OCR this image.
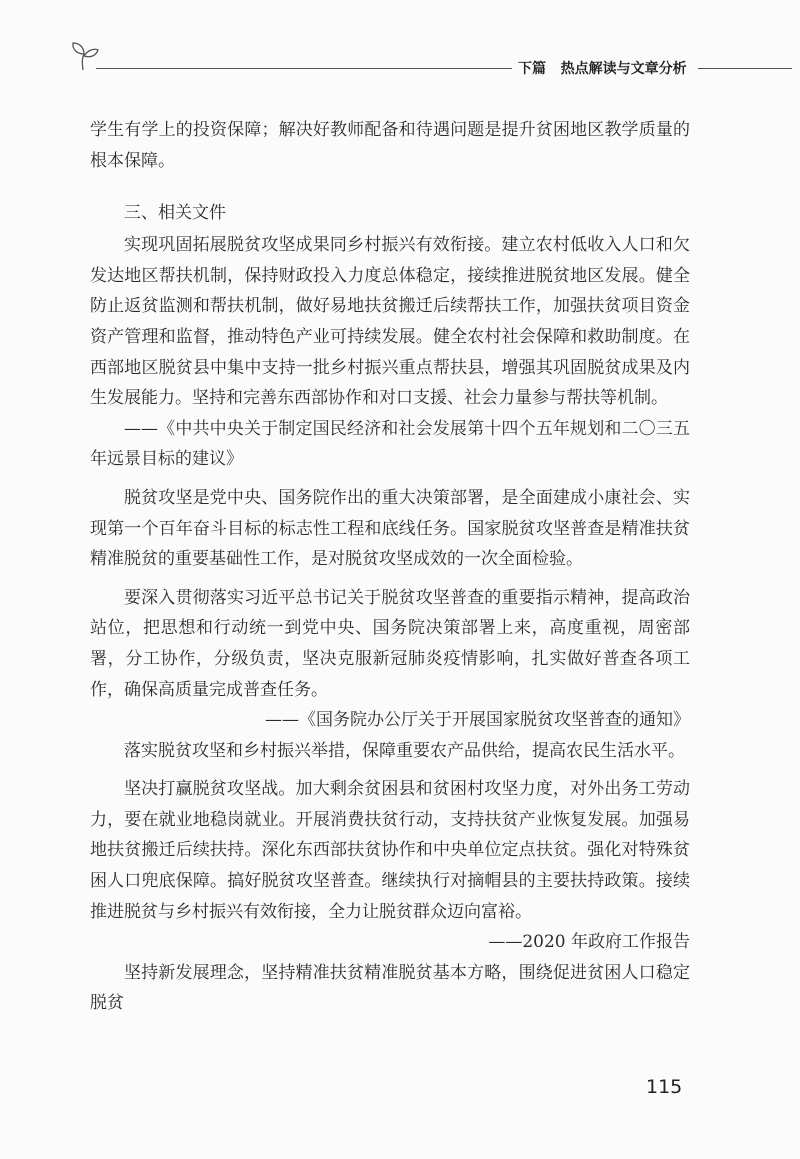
下篇 热点解读与文章分析

学生有学上的投资保障；解决好教师配备和待遇问题是提升贫困地区教学质量的根本保障。

三、相关文件

实现巩固拓展脱贫攻坚成果同乡村振兴有效衔接。建立农村低收入人口和欠发达地区帮扶机制，保持财政投入力度总体稳定，接续推进脱贫地区发展。健全防止返贫监测和帮扶机制，做好易地扶贫搬迁后续帮扶工作，加强扶贫项目资金资产管理和监督，推动特色产业可持续发展。健全农村社会保障和救助制度。在西部地区脱贫县中集中支持一批乡村振兴重点帮扶县，增强其巩固脱贫成果及内生发展能力。坚持和完善东西部协作和对口支援、社会力量参与帮扶等机制。

——《中共中央关于制定国民经济和社会发展第十四个五年规划和二〇三五年远景目标的建议》

脱贫攻坚是党中央、国务院作出的重大决策部署，是全面建成小康社会、实现第一个百年奋斗目标的标志性工程和底线任务。国家脱贫攻坚普查是精准扶贫精准脱贫的重要基础性工作，是对脱贫攻坚成效的一次全面检验。

要深入贯彻落实习近平总书记关于脱贫攻坚普查的重要指示精神，提高政治站位，把思想和行动统一到党中央、国务院决策部署上来，高度重视，周密部署，分工协作，分级负责，坚决克服新冠肺炎疫情影响，扎实做好普查各项工作，确保高质量完成普查任务。

——《国务院办公厅关于开展国家脱贫攻坚普查的通知》

落实脱贫攻坚和乡村振兴举措，保障重要农产品供给，提高农民生活水平。

坚决打赢脱贫攻坚战。加大剩余贫困县和贫困村攻坚力度，对外出务工劳动力，要在就业地稳岗就业。开展消费扶贫行动，支持扶贫产业恢复发展。加强易地扶贫搬迁后续扶持。深化东西部扶贫协作和中央单位定点扶贫。强化对特殊贫困人口兜底保障。搞好脱贫攻坚普查。继续执行对摘帽县的主要扶持政策。接续推进脱贫与乡村振兴有效衔接，全力让脱贫群众迈向富裕。

——2020 年政府工作报告

坚持新发展理念，坚持精准扶贫精准脱贫基本方略，围绕促进贫困人口稳定脱贫

115
